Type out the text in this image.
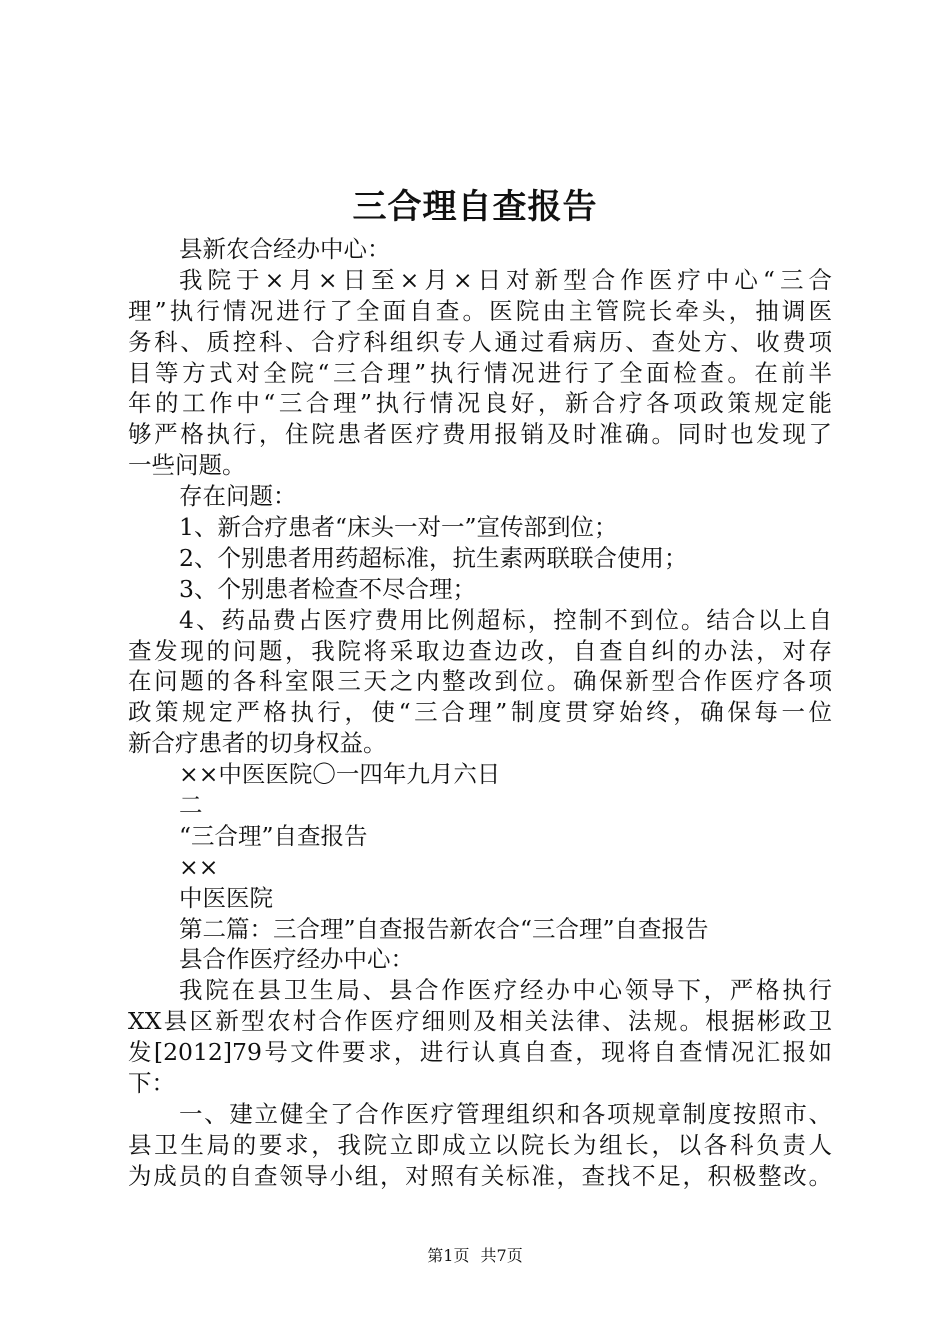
三合理自查报告
县新农合经办中心：
我院于×月×日至×月×日对新型合作医疗中心“三合
理”执行情况进行了全面自查。医院由主管院长牵头，抽调医
务科、质控科、合疗科组织专人通过看病历、查处方、收费项
目等方式对全院“三合理”执行情况进行了全面检查。在前半
年的工作中“三合理”执行情况良好，新合疗各项政策规定能
够严格执行，住院患者医疗费用报销及时准确。同时也发现了
一些问题。
存在问题：
1、新合疗患者“床头一对一”宣传部到位；
2、个别患者用药超标准，抗生素两联联合使用；
3、个别患者检查不尽合理；
4、药品费占医疗费用比例超标，控制不到位。结合以上自
查发现的问题，我院将采取边查边改，自查自纠的办法，对存
在问题的各科室限三天之内整改到位。确保新型合作医疗各项
政策规定严格执行，使“三合理”制度贯穿始终，确保每一位
新合疗患者的切身权益。
××中医医院〇一四年九月六日
二
“三合理”自查报告
××
中医医院
第二篇：三合理”自查报告新农合“三合理”自查报告
县合作医疗经办中心：
我院在县卫生局、县合作医疗经办中心领导下，严格执行
XX县区新型农村合作医疗细则及相关法律、法规。根据彬政卫
发[2012]79号文件要求，进行认真自查，现将自查情况汇报如
下：
一、建立健全了合作医疗管理组织和各项规章制度按照市、
县卫生局的要求，我院立即成立以院长为组长，以各科负责人
为成员的自查领导小组，对照有关标准，查找不足，积极整改。
第1页 共7页
